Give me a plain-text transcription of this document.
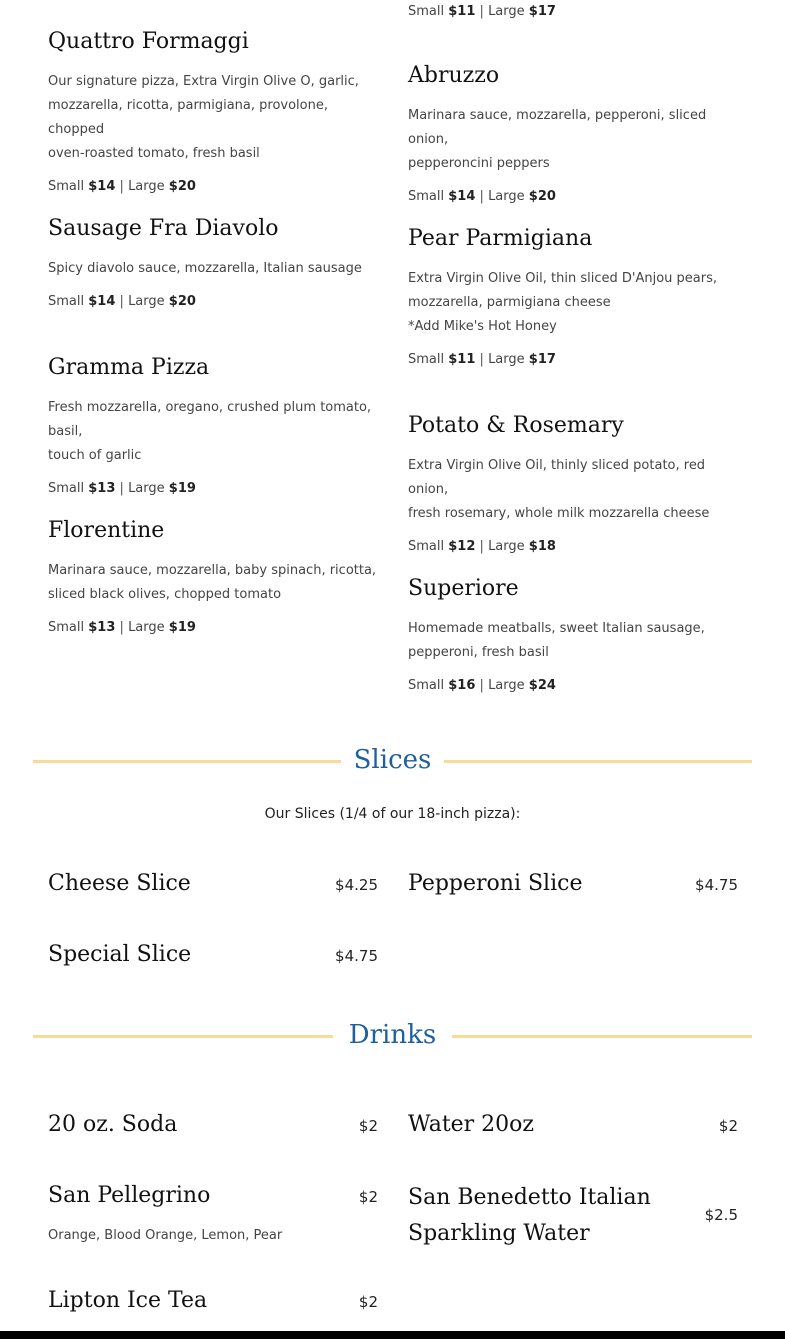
Small $11 | Large $17
Quattro Formaggi
Our signature pizza, Extra Virgin Olive O, garlic,
mozzarella, ricotta, parmigiana, provolone, chopped
oven-roasted tomato, fresh basil
Small $14 | Large $20
Sausage Fra Diavolo
Spicy diavolo sauce, mozzarella, Italian sausage
Small $14 | Large $20
Gramma Pizza
Fresh mozzarella, oregano, crushed plum tomato, basil,
touch of garlic
Small $13 | Large $19
Florentine
Marinara sauce, mozzarella, baby spinach, ricotta,
sliced black olives, chopped tomato
Small $13 | Large $19
Abruzzo
Marinara sauce, mozzarella, pepperoni, sliced onion,
pepperoncini peppers
Small $14 | Large $20
Pear Parmigiana
Extra Virgin Olive Oil, thin sliced D'Anjou pears,
mozzarella, parmigiana cheese
*Add Mike's Hot Honey
Small $11 | Large $17
Potato & Rosemary
Extra Virgin Olive Oil, thinly sliced potato, red onion,
fresh rosemary, whole milk mozzarella cheese
Small $12 | Large $18
Superiore
Homemade meatballs, sweet Italian sausage,
pepperoni, fresh basil
Small $16 | Large $24
Slices
Our Slices (1/4 of our 18-inch pizza):
Cheese Slice	$4.25 Pepperoni Slice	$4.75
Special Slice	$4.75
Drinks
20 oz. Soda	$2 Water 20oz	$2
San Pellegrino	$2
Orange, Blood Orange, Lemon, Pear
San Benedetto Italian
Sparkling Water
$2.5
Lipton Ice Tea	$2
